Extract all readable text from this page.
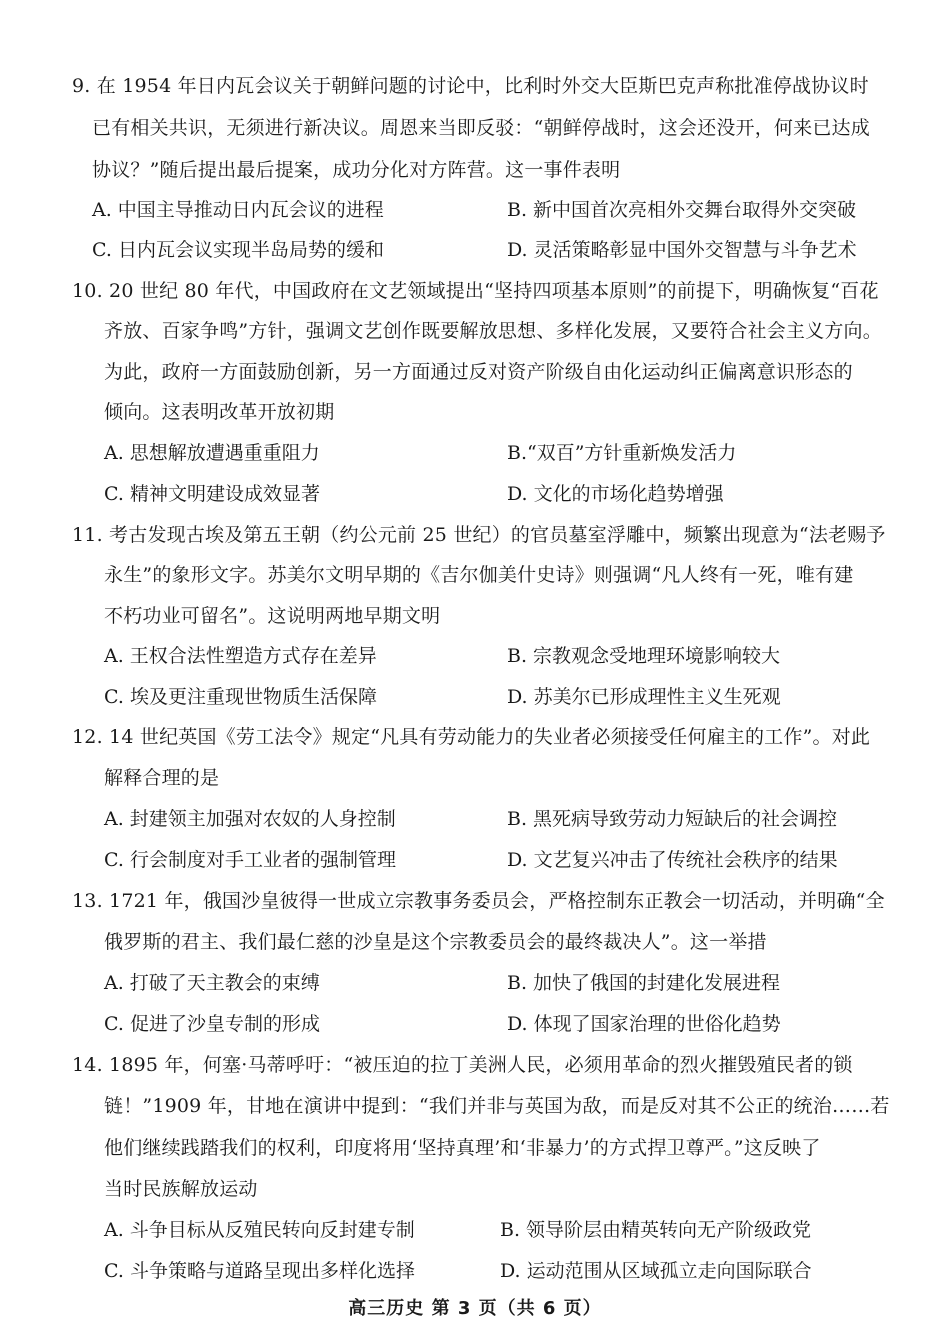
9. 在 1954 年日内瓦会议关于朝鲜问题的讨论中，比利时外交大臣斯巴克声称批准停战协议时
已有相关共识，无须进行新决议。周恩来当即反驳：“朝鲜停战时，这会还没开，何来已达成
协议？”随后提出最后提案，成功分化对方阵营。这一事件表明
A. 中国主导推动日内瓦会议的进程	B. 新中国首次亮相外交舞台取得外交突破
C. 日内瓦会议实现半岛局势的缓和	D. 灵活策略彰显中国外交智慧与斗争艺术
10. 20 世纪 80 年代，中国政府在文艺领域提出“坚持四项基本原则”的前提下，明确恢复“百花
齐放、百家争鸣”方针，强调文艺创作既要解放思想、多样化发展，又要符合社会主义方向。
为此，政府一方面鼓励创新，另一方面通过反对资产阶级自由化运动纠正偏离意识形态的
倾向。这表明改革开放初期
A. 思想解放遭遇重重阻力	B.“双百”方针重新焕发活力
C. 精神文明建设成效显著	D. 文化的市场化趋势增强
11. 考古发现古埃及第五王朝（约公元前 25 世纪）的官员墓室浮雕中，频繁出现意为“法老赐予
永生”的象形文字。苏美尔文明早期的《吉尔伽美什史诗》则强调“凡人终有一死，唯有建
不朽功业可留名”。这说明两地早期文明
A. 王权合法性塑造方式存在差异	B. 宗教观念受地理环境影响较大
C. 埃及更注重现世物质生活保障	D. 苏美尔已形成理性主义生死观
12. 14 世纪英国《劳工法令》规定“凡具有劳动能力的失业者必须接受任何雇主的工作”。对此
解释合理的是
A. 封建领主加强对农奴的人身控制	B. 黑死病导致劳动力短缺后的社会调控
C. 行会制度对手工业者的强制管理	D. 文艺复兴冲击了传统社会秩序的结果
13. 1721 年，俄国沙皇彼得一世成立宗教事务委员会，严格控制东正教会一切活动，并明确“全
俄罗斯的君主、我们最仁慈的沙皇是这个宗教委员会的最终裁决人”。这一举措
A. 打破了天主教会的束缚	B. 加快了俄国的封建化发展进程
C. 促进了沙皇专制的形成	D. 体现了国家治理的世俗化趋势
14. 1895 年，何塞·马蒂呼吁：“被压迫的拉丁美洲人民，必须用革命的烈火摧毁殖民者的锁
链！”1909 年，甘地在演讲中提到：“我们并非与英国为敌，而是反对其不公正的统治……若
他们继续践踏我们的权利，印度将用‘坚持真理’和‘非暴力’的方式捍卫尊严。”这反映了
当时民族解放运动
A. 斗争目标从反殖民转向反封建专制	B. 领导阶层由精英转向无产阶级政党
C. 斗争策略与道路呈现出多样化选择	D. 运动范围从区域孤立走向国际联合
高三历史 第 3 页（共 6 页）
